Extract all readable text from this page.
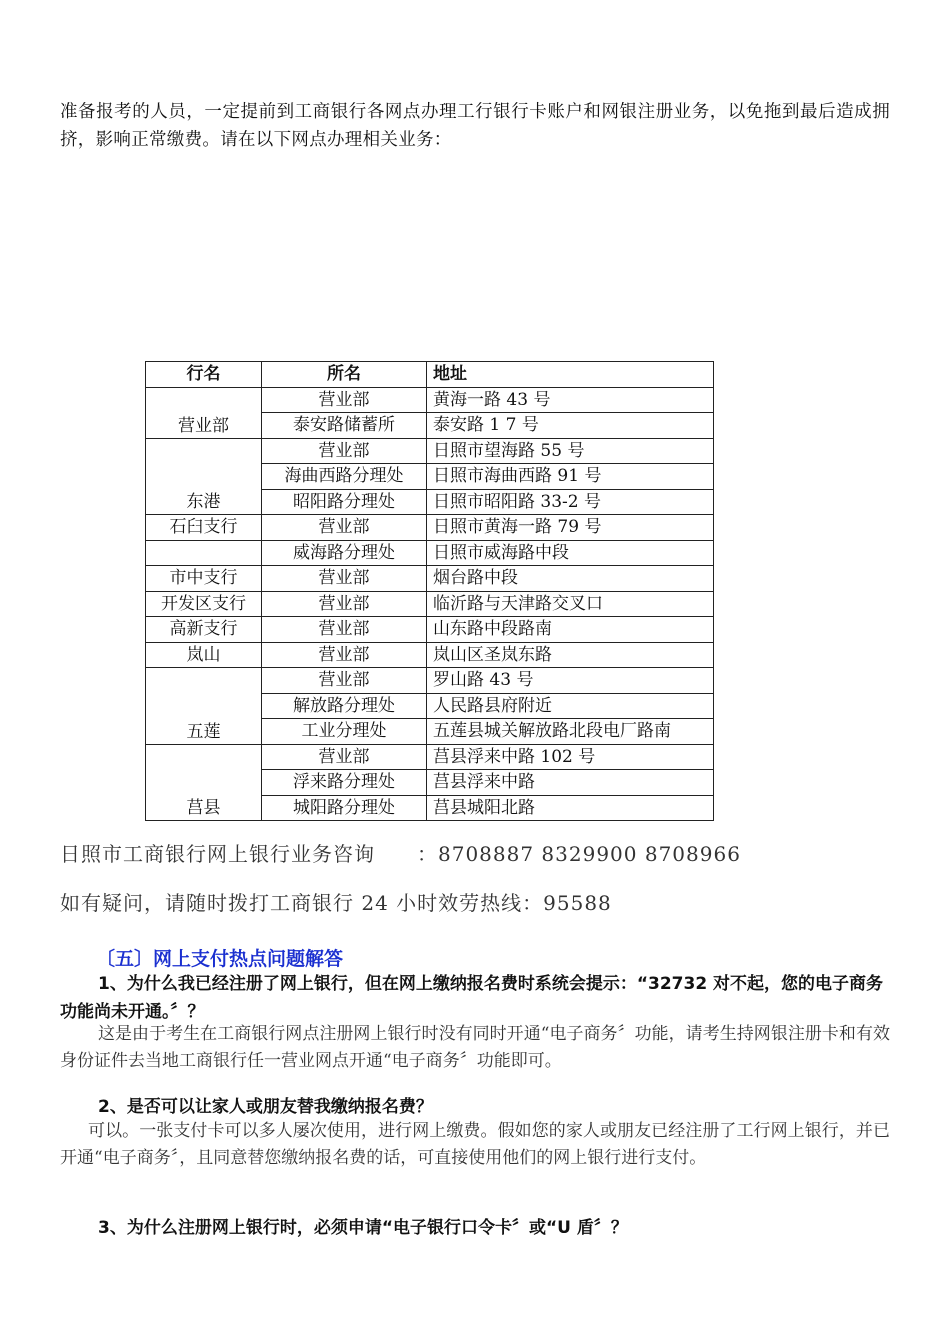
准备报考的人员，一定提前到工商银行各网点办理工行银行卡账户和网银注册业务，以免拖到最后造成拥挤，影响正常缴费。请在以下网点办理相关业务：

行名	所名	地址
营业部	营业部	黄海一路 43 号
	泰安路储蓄所	泰安路 1 7 号
东港	营业部	日照市望海路 55 号
	海曲西路分理处	日照市海曲西路 91 号
	昭阳路分理处	日照市昭阳路 33-2 号
石臼支行	营业部	日照市黄海一路 79 号
	威海路分理处	日照市威海路中段
市中支行	营业部	烟台路中段
开发区支行	营业部	临沂路与天津路交叉口
高新支行	营业部	山东路中段路南
岚山	营业部	岚山区圣岚东路
五莲	营业部	罗山路 43 号
	解放路分理处	人民路县府附近
	工业分理处	五莲县城关解放路北段电厂路南
莒县	营业部	莒县浮来中路 102 号
	浮来路分理处	莒县浮来中路
	城阳路分理处	莒县城阳北路
日照市工商银行网上银行业务咨询　　：8708887 8329900 8708966
如有疑问，请随时拨打工商银行 24 小时效劳热线：95588
〔五〕网上支付热点问题解答
1、为什么我已经注册了网上银行，但在网上缴纳报名费时系统会提示：“32732 对不起，您的电子商务功能尚未开通。〞？
这是由于考生在工商银行网点注册网上银行时没有同时开通“电子商务〞功能，请考生持网银注册卡和有效身份证件去当地工商银行任一营业网点开通“电子商务〞功能即可。
2、是否可以让家人或朋友替我缴纳报名费？
可以。一张支付卡可以多人屡次使用，进行网上缴费。假如您的家人或朋友已经注册了工行网上银行，并已开通“电子商务〞，且同意替您缴纳报名费的话，可直接使用他们的网上银行进行支付。
3、为什么注册网上银行时，必须申请“电子银行口令卡〞或“U 盾〞？
